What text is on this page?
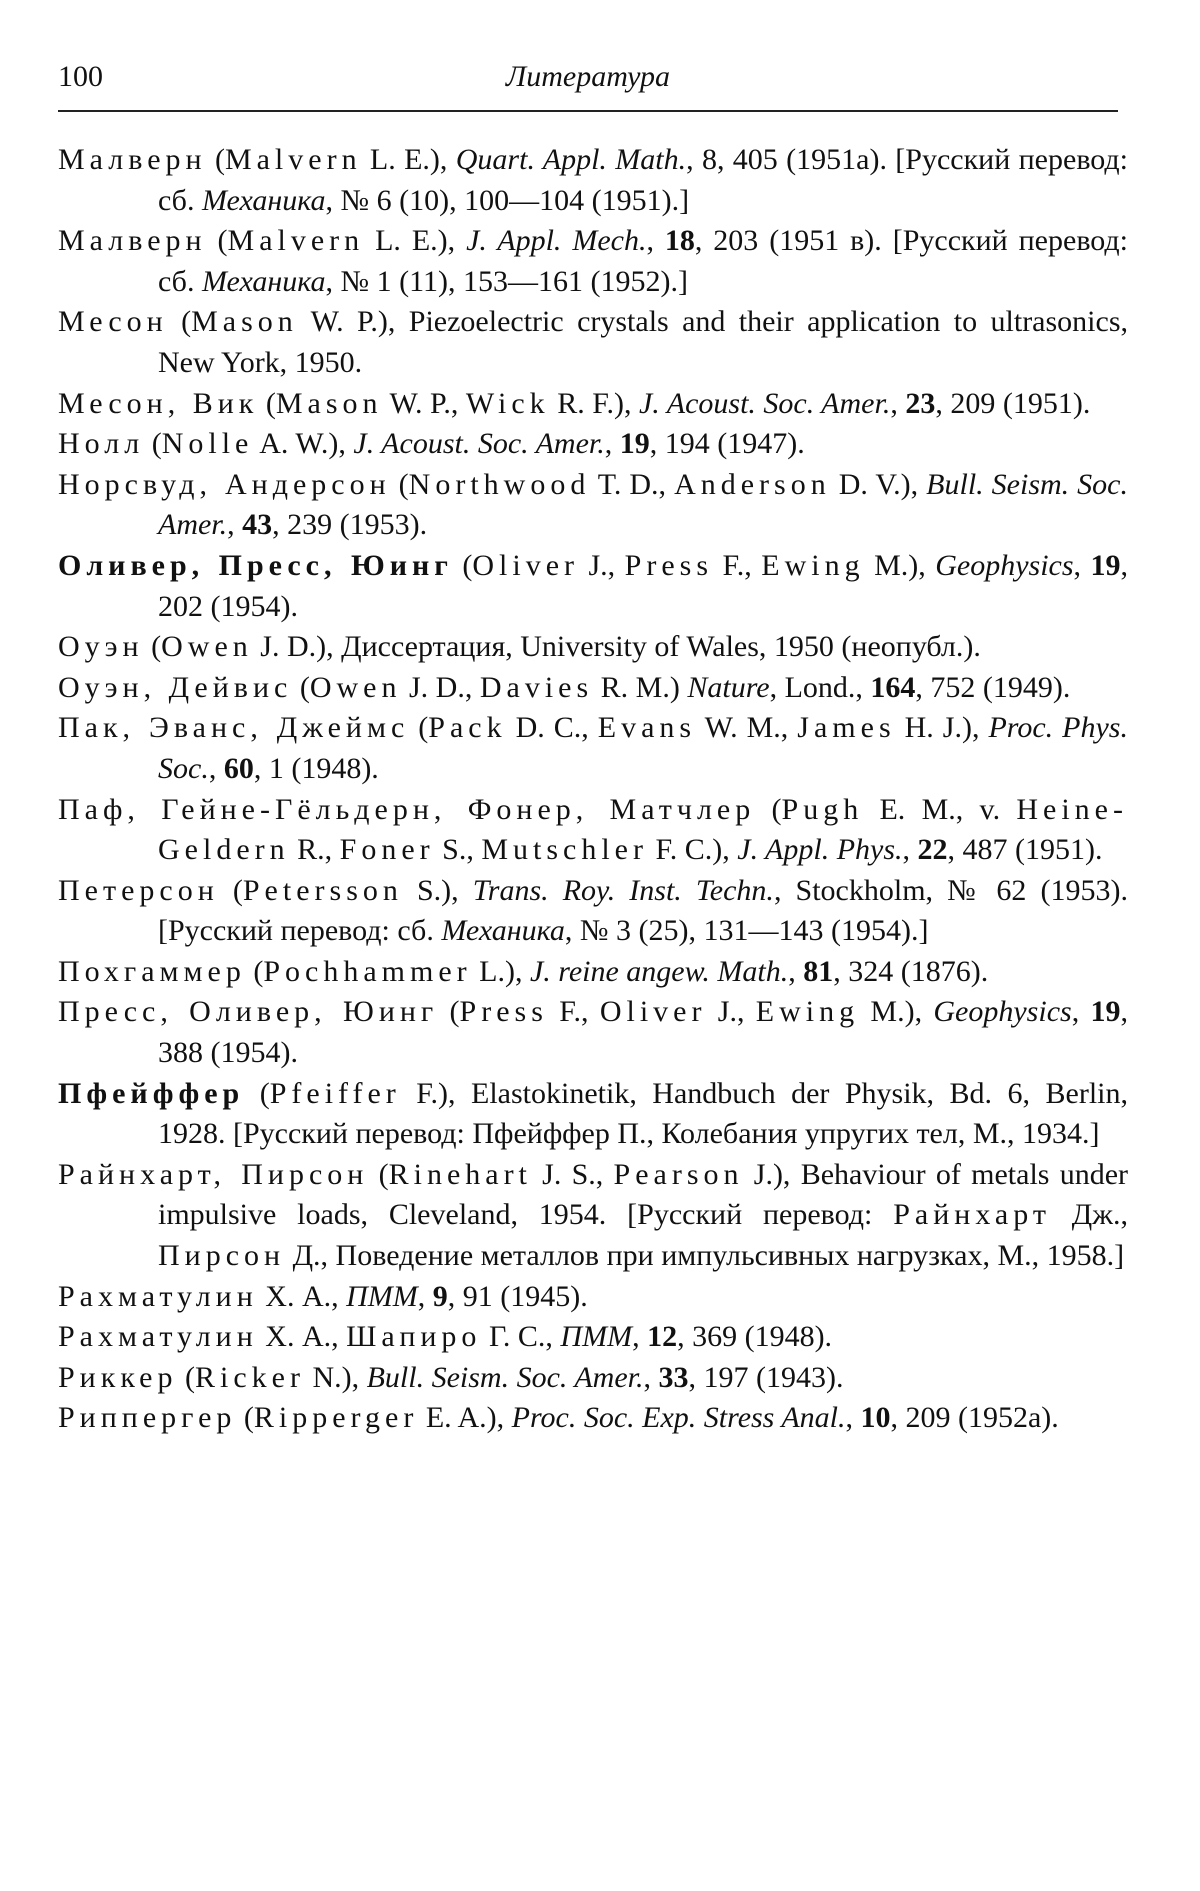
100	Литература

Малверн (Malvern L. E.), Quart. Appl. Math., 8, 405 (1951a). [Русский перевод: сб. Механика, № 6 (10), 100—104 (1951).]

Малверн (Malvern L. E.), J. Appl. Mech., 18, 203 (1951 в). [Русский перевод: сб. Механика, № 1 (11), 153—161 (1952).]

Месон (Mason W. P.), Piezoelectric crystals and their application to ultrasonics, New York, 1950.

Месон, Вик (Mason W. P., Wick R. F.), J. Acoust. Soc. Amer., 23, 209 (1951).

Нолл (Nolle A. W.), J. Acoust. Soc. Amer., 19, 194 (1947).

Норсвуд, Андерсон (Northwood T. D., Anderson D. V.), Bull. Seism. Soc. Amer., 43, 239 (1953).

Оливер, Пресс, Юинг (Oliver J., Press F., Ewing M.), Geophysics, 19, 202 (1954).

Оуэн (Owen J. D.), Диссертация, University of Wales, 1950 (неопубл.).

Оуэн, Дейвис (Owen J. D., Davies R. M.) Nature, Lond., 164, 752 (1949).

Пак, Эванс, Джеймс (Pack D. C., Evans W. M., James H. J.), Proc. Phys. Soc., 60, 1 (1948).

Паф, Гейне-Гёльдерн, Фонер, Матчлер (Pugh E. M., v. Heine-Geldern R., Foner S., Mutschler F. C.), J. Appl. Phys., 22, 487 (1951).

Петерсон (Petersson S.), Trans. Roy. Inst. Techn., Stockholm, № 62 (1953). [Русский перевод: сб. Механика, № 3 (25), 131—143 (1954).]

Похгаммер (Pochhammer L.), J. reine angew. Math., 81, 324 (1876).

Пресс, Оливер, Юинг (Press F., Oliver J., Ewing M.), Geophysics, 19, 388 (1954).

Пфейффер (Pfeiffer F.), Elastokinetik, Handbuch der Physik, Bd. 6, Berlin, 1928. [Русский перевод: Пфейффер П., Колебания упругих тел, М., 1934.]

Райнхарт, Пирсон (Rinehart J. S., Pearson J.), Behaviour of metals under impulsive loads, Cleveland, 1954. [Русский перевод: Райнхарт Дж., Пирсон Д., Поведение металлов при импульсивных нагрузках, М., 1958.]

Рахматулин Х. А., ПММ, 9, 91 (1945).

Рахматулин Х. А., Шапиро Г. С., ПММ, 12, 369 (1948).

Риккер (Ricker N.), Bull. Seism. Soc. Amer., 33, 197 (1943).

Риппергер (Ripperger E. A.), Proc. Soc. Exp. Stress Anal., 10, 209 (1952a).
